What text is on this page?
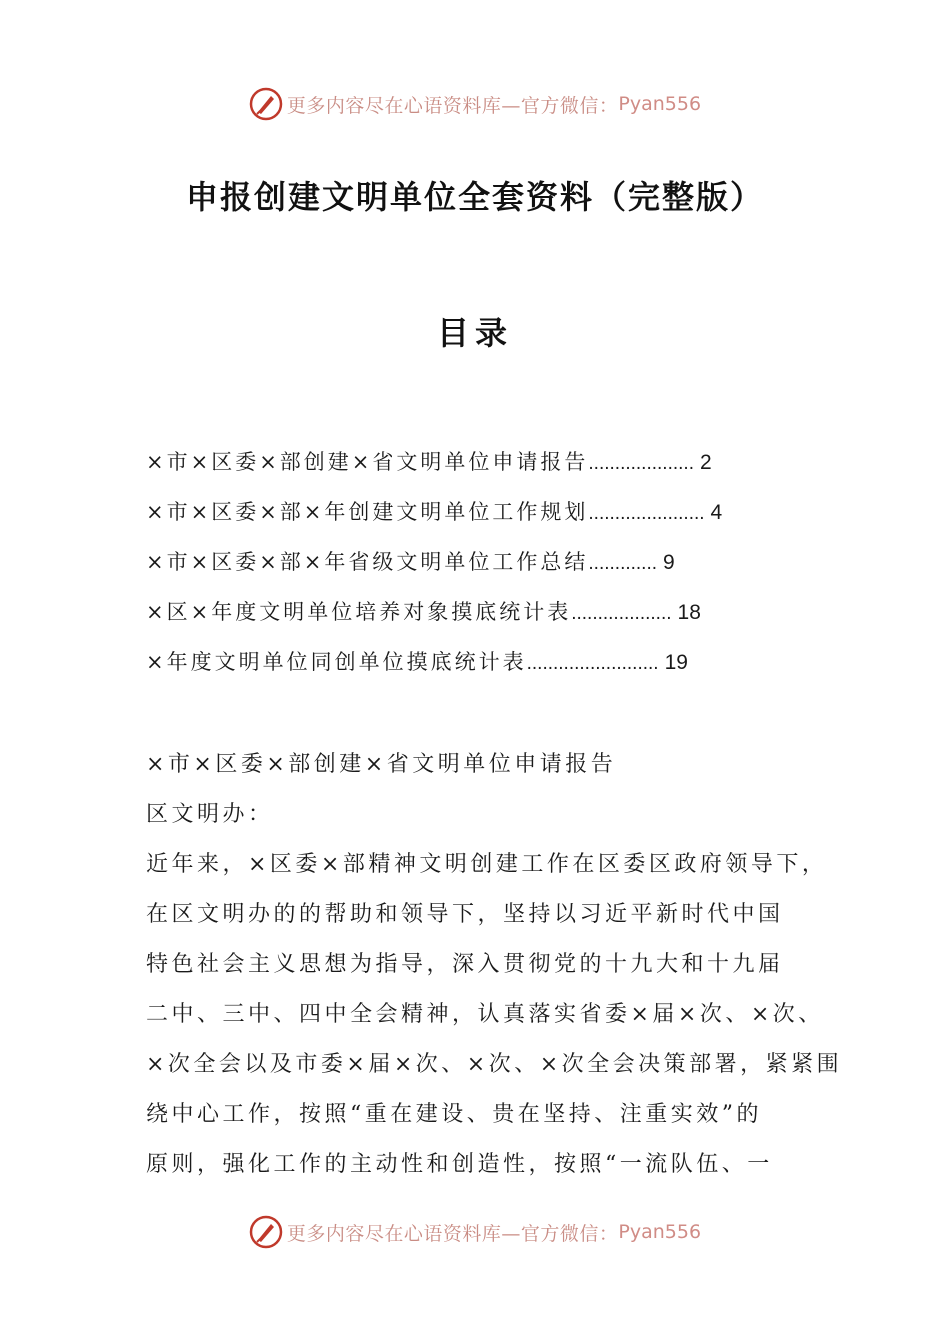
更多内容尽在心语资料库—官方微信： Pyan556
申报创建文明单位全套资料（完整版）
目录
×市×区委×部创建×省文明单位申请报告 .................... 2
×市×区委×部×年创建文明单位工作规划 ...................... 4
×市×区委×部×年省级文明单位工作总结 ............. 9
×区×年度文明单位培养对象摸底统计表 ................... 18
×年度文明单位同创单位摸底统计表 ......................... 19

×市×区委×部创建×省文明单位申请报告

区文明办：

近年来，×区委×部精神文明创建工作在区委区政府领导下，

在区文明办的的帮助和领导下，坚持以习近平新时代中国

特色社会主义思想为指导，深入贯彻党的十九大和十九届

二中、三中、四中全会精神，认真落实省委×届×次、×次、

×次全会以及市委×届×次、×次、×次全会决策部署，紧紧围

绕中心工作，按照“重在建设、贵在坚持、注重实效”的

原则，强化工作的主动性和创造性，按照“一流队伍、一

更多内容尽在心语资料库—官方微信： Pyan556
